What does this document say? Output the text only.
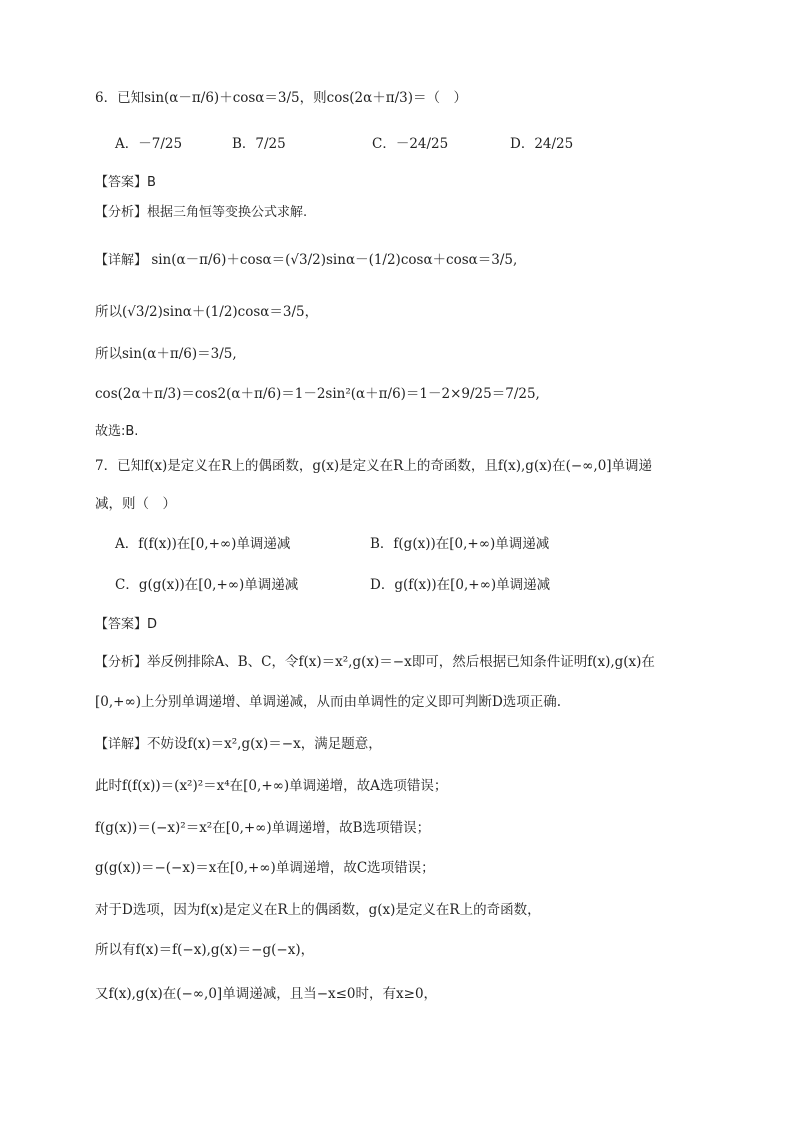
6．已知sin(α－π/6)＋cosα＝3/5，则cos(2α＋π/3)＝（　）
A．－7/25	B．7/25	C．－24/25	D．24/25
【答案】B
【分析】根据三角恒等变换公式求解.
【详解】 sin(α－π/6)＋cosα＝(√3/2)sinα－(1/2)cosα＋cosα＝3/5,
所以(√3/2)sinα＋(1/2)cosα＝3/5，
所以sin(α＋π/6)＝3/5,
cos(2α＋π/3)＝cos2(α＋π/6)＝1－2sin²(α＋π/6)＝1－2×9/25＝7/25,
故选:B.
7．已知f(x)是定义在R上的偶函数，g(x)是定义在R上的奇函数，且f(x),g(x)在(−∞,0]单调递
减，则（　）
A．f(f(x))在[0,+∞)单调递减	B．f(g(x))在[0,+∞)单调递减
C．g(g(x))在[0,+∞)单调递减	D．g(f(x))在[0,+∞)单调递减
【答案】D
【分析】举反例排除A、B、C，令f(x)＝x²,g(x)＝−x即可，然后根据已知条件证明f(x),g(x)在
[0,+∞)上分别单调递增、单调递减，从而由单调性的定义即可判断D选项正确.
【详解】不妨设f(x)＝x²,g(x)＝−x，满足题意，
此时f(f(x))＝(x²)²＝x⁴在[0,+∞)单调递增，故A选项错误；
f(g(x))＝(−x)²＝x²在[0,+∞)单调递增，故B选项错误；
g(g(x))＝−(−x)＝x在[0,+∞)单调递增，故C选项错误；
对于D选项，因为f(x)是定义在R上的偶函数，g(x)是定义在R上的奇函数，
所以有f(x)＝f(−x),g(x)＝−g(−x)，
又f(x),g(x)在(−∞,0]单调递减，且当−x≤0时，有x≥0，
